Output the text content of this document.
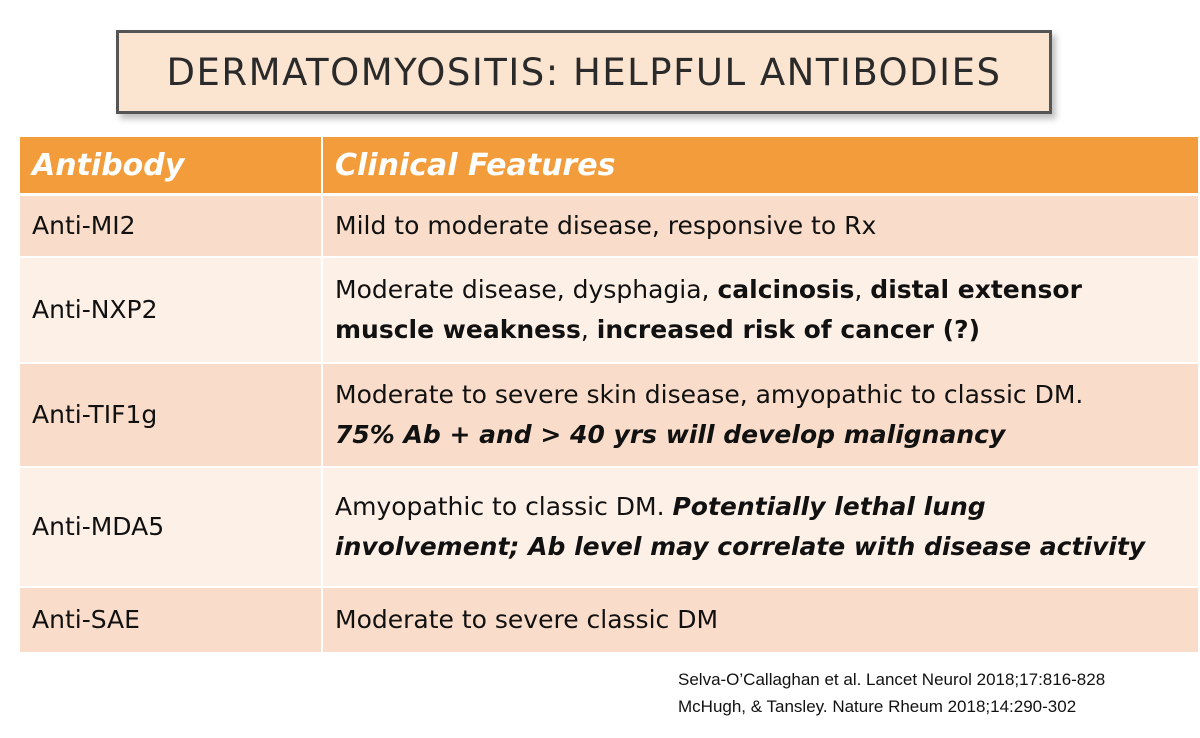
DERMATOMYOSITIS: HELPFUL ANTIBODIES
Antibody	Clinical Features
Anti-MI2	Mild to moderate disease, responsive to Rx

Anti-NXP2	Moderate disease, dysphagia, calcinosis, distal extensor
muscle weakness, increased risk of cancer (?)

Anti-TIF1g	Moderate to severe skin disease, amyopathic to classic DM.
75% Ab + and > 40 yrs will develop malignancy

Anti-MDA5	Amyopathic to classic DM. Potentially lethal lung
involvement; Ab level may correlate with disease activity

Anti-SAE	Moderate to severe classic DM
Selva-O’Callaghan et al. Lancet Neurol 2018;17:816-828
McHugh, & Tansley. Nature Rheum 2018;14:290-302
